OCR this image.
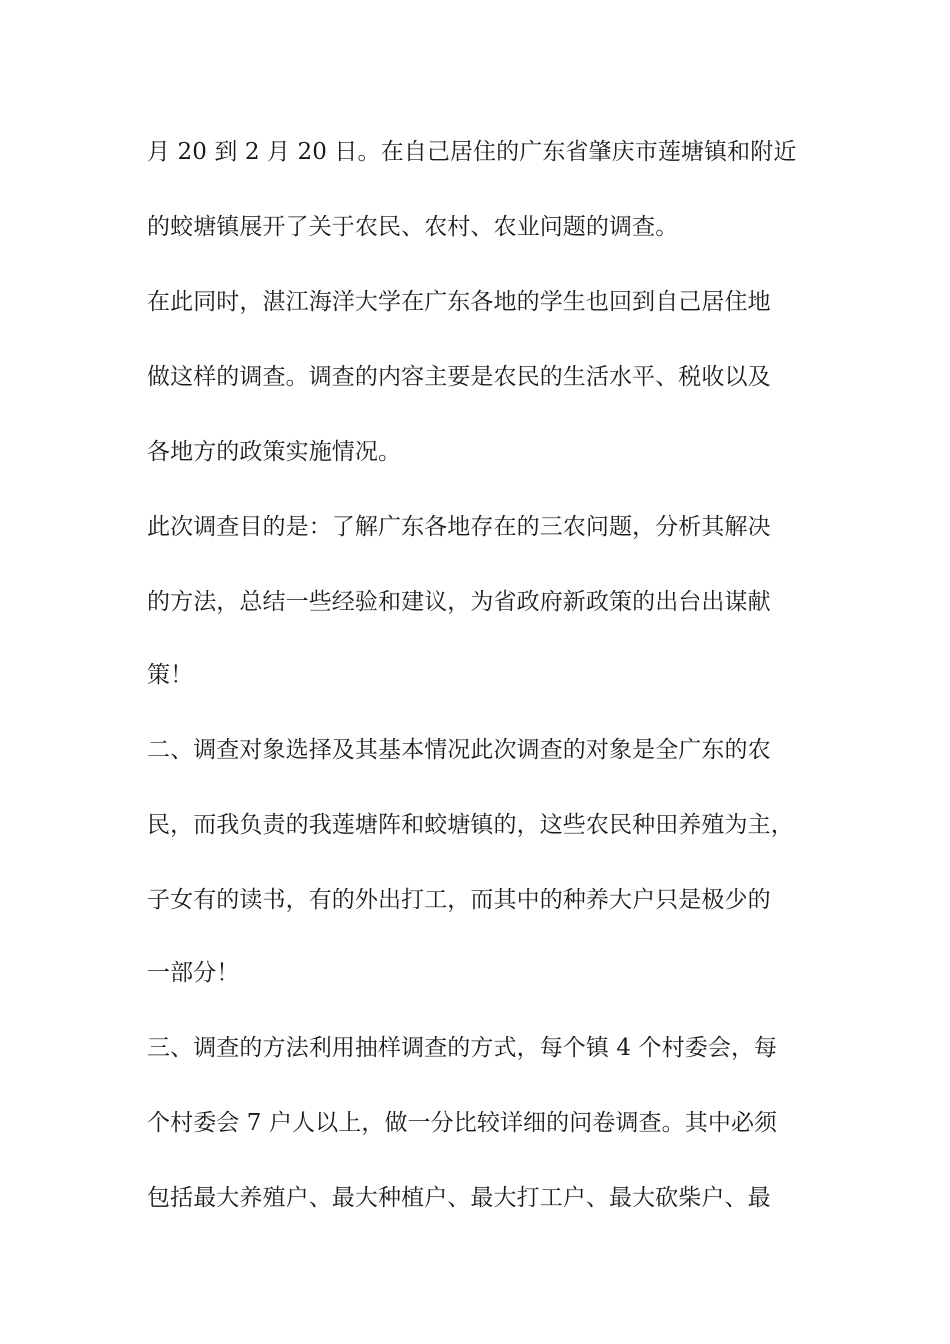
月 20 到 2 月 20 日。在自己居住的广东省肇庆市莲塘镇和附近
的蛟塘镇展开了关于农民、农村、农业问题的调查。
在此同时，湛江海洋大学在广东各地的学生也回到自己居住地
做这样的调查。调查的内容主要是农民的生活水平、税收以及
各地方的政策实施情况。
此次调查目的是：了解广东各地存在的三农问题，分析其解决
的方法，总结一些经验和建议，为省政府新政策的出台出谋献
策！
二、调查对象选择及其基本情况此次调查的对象是全广东的农
民，而我负责的我莲塘阵和蛟塘镇的，这些农民种田养殖为主，
子女有的读书，有的外出打工，而其中的种养大户只是极少的
一部分！
三、调查的方法利用抽样调查的方式，每个镇 4 个村委会，每
个村委会 7 户人以上，做一分比较详细的问卷调查。其中必须
包括最大养殖户、最大种植户、最大打工户、最大砍柴户、最
